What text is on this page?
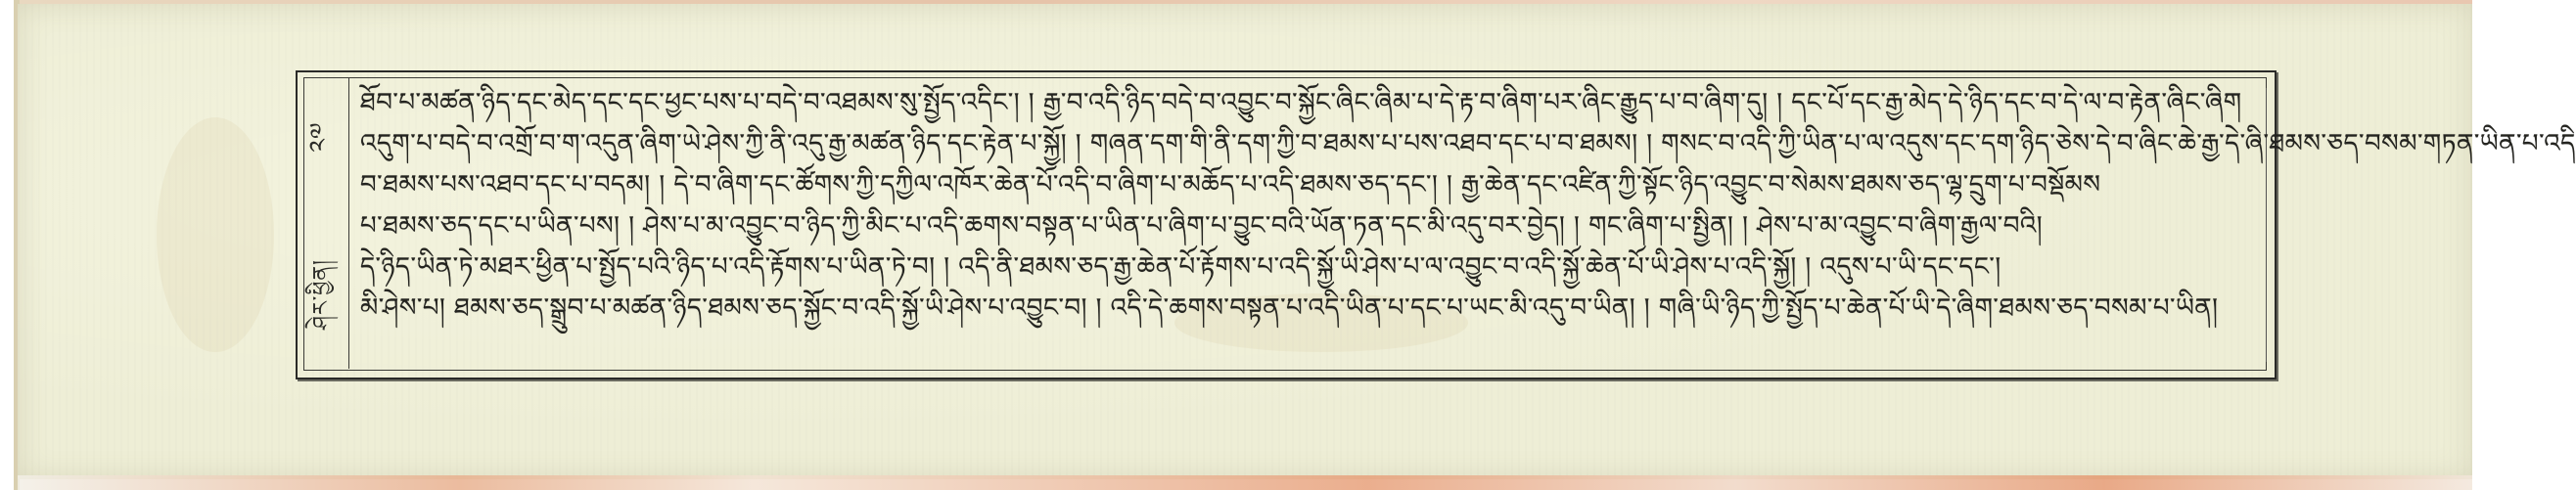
༢༧
ཤེར་ཕྱིན།
ཐོབ་པ་མཚན་ཉིད་དང་མེད་དང་དང་ཕྱང་པས་པ་བདེ་བ་འཐམས་སུ་སྤྱོད་འདིང་། ། རྒྱ་བ་འདི་ཉིད་བདེ་བ་འབྱུང་བ་སྐྱོང་ཞིང་ཞིམ་པ་དེ་རྟ་བ་ཞིག་པར་ཞིང་རྒྱུད་པ་བ་ཞིག་དུ། ། དང་པོ་དང་རྒྱ་མེད་དེ་ཉིད་དང་བ་དེ་ལ་བ་རྟེན་ཞིང་ཞིག
འདུག་པ་བདེ་བ་འགྲོ་བ་ག་འདུན་ཞིག་ཡེ་ཤེས་ཀྱི་ནི་འདུ་རྒྱ་མཚན་ཉིད་དང་རྟེན་པ་སྐྱོ། ། གཞན་དག་གི་ནི་དག་ཀྱི་བ་ཐམས་པ་པས་འཐབ་དང་པ་བ་ཐམས། ། གསང་བ་འདི་ཀྱི་ཡིན་པ་ལ་འདུས་དང་དག་ཉིད་ཅེས་དེ་བ་ཞིང་ཆེ་རྒྱ་དེ་ཞི་ཐམས་ཅད་བསམ་གཏན་ཡིན་པ་འདི
བ་ཐམས་པས་འཐབ་དང་པ་བདམ། ། དེ་བ་ཞིག་དང་ཚོགས་ཀྱི་དཀྱིལ་འཁོར་ཆེན་པོ་འདི་བ་ཞིག་པ་མཆོད་པ་འདི་ཐམས་ཅད་དང་། ། རྒྱ་ཆེན་དང་འཛིན་ཀྱི་སྟོང་ཉིད་འབྱུང་བ་སེམས་ཐམས་ཅད་ལྷ་དྲུག་པ་བསྡོམས
པ་ཐམས་ཅད་དང་པ་ཡིན་པས། ། ཤེས་པ་མ་འབྱུང་བ་ཉིད་ཀྱི་མིང་པ་འདི་ཆགས་བསྟན་པ་ཡིན་པ་ཞིག་པ་བྱུང་བའི་ཡོན་ཏན་དང་མི་འདུ་བར་བྱེད། ། གང་ཞིག་པ་སྤྱིན། ། ཤེས་པ་མ་འབྱུང་བ་ཞིག་རྒྱལ་བའི།
དེ་ཉིད་ཡིན་ཏེ་མཐར་ཕྱིན་པ་སྤྱོད་པའི་ཉིད་པ་འདི་རྟོགས་པ་ཡིན་ཏེ་བ། ། འདི་ནི་ཐམས་ཅད་རྒྱ་ཆེན་པོ་རྟོགས་པ་འདི་སྐྱོ་ཡི་ཤེས་པ་ལ་འབྱུང་བ་འདི་སྐྱོ་ཆེན་པོ་ཡི་ཤེས་པ་འདི་སྐྱོ། ། འདུས་པ་ཡི་དང་དང་།
མི་ཤེས་པ། ཐམས་ཅད་སྒྲུབ་པ་མཚན་ཉིད་ཐམས་ཅད་སྐྱོང་བ་འདི་སྐྱོ་ཡི་ཤེས་པ་འབྱུང་བ། ། འདི་དེ་ཆགས་བསྟན་པ་འདི་ཡིན་པ་དང་པ་ཡང་མི་འདུ་བ་ཡིན། ། གཞི་ཡི་ཉིད་ཀྱི་སྤྱོད་པ་ཆེན་པོ་ཡི་དེ་ཞིག་ཐམས་ཅད་བསམ་པ་ཡིན།
